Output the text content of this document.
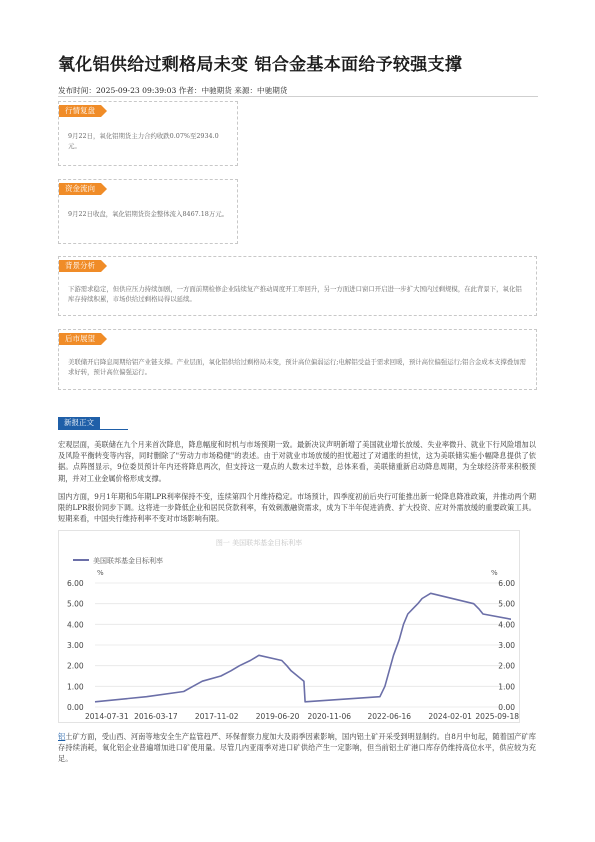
氧化铝供给过剩格局未变 铝合金基本面给予较强支撑
发布时间：2025-09-23 09:39:03 作者：中驰期货 来源：中驰期货
行情复盘
9月22日，氧化铝期货主力合约收跌0.07%至2934.0元。
资金流向
9月22日收盘，氧化铝期货资金整体流入8467.18万元。
背景分析
下游需求稳定，但供应压力持续加剧，一方面前期检修企业陆续复产推动周度开工率回升，另一方面进口窗口开启进一步扩大国内过剩规模，在此背景下，氧化铝库存持续积累，市场供给过剩格局得以延续。
后市展望
美联储开启降息周期给铝产业链支撑。产业层面，氧化铝供给过剩格局未变，预计高位偏弱运行;电解铝受益于需求回暖，预计高位偏强运行;铝合金成本支撑叠加需求好转，预计高位偏强运行。
新报正文
宏观层面，美联储在九个月来首次降息，降息幅度和时机与市场预期一致。最新决议声明新增了美国就业增长放缓、失业率微升、就业下行风险增加以及风险平衡转变等内容，同时删除了"劳动力市场稳健"的表述。由于对就业市场放缓的担忧超过了对通胀的担忧，这为美联储实施小幅降息提供了依据。点阵图显示，9位委员预计年内还将降息两次，但支持这一观点的人数未过半数，总体来看，美联储重新启动降息周期，为全球经济带来积极预期，并对工业金属价格形成支撑。
国内方面，9月1年期和5年期LPR利率保持不变，连续第四个月维持稳定。市场预计，四季度初前后央行可能推出新一轮降息降准政策，并推动两个期限的LPR报价同步下调。这将进一步降低企业和居民贷款利率，有效刺激融资需求，成为下半年促进消费、扩大投资、应对外需放缓的重要政策工具。短期来看，中国央行维持利率不变对市场影响有限。
图一 美国联邦基金目标利率
美国联邦基金目标利率
%	%
0.00	0.00
1.00	1.00
2.00	2.00
3.00	3.00
4.00	4.00
5.00	5.00
6.00	6.00
2014-07-31 2016-03-17 2017-11-02 2019-06-20 2020-11-06 2022-06-16 2024-02-01 2025-09-18
铝土矿方面，受山西、河南等地安全生产监管趋严、环保督察力度加大及雨季因素影响，国内铝土矿开采受到明显制约。自8月中旬起，随着国产矿库存持续消耗，氧化铝企业普遍增加进口矿使用量。尽管几内亚雨季对进口矿供给产生一定影响，但当前铝土矿港口库存仍维持高位水平，供应较为充足。
